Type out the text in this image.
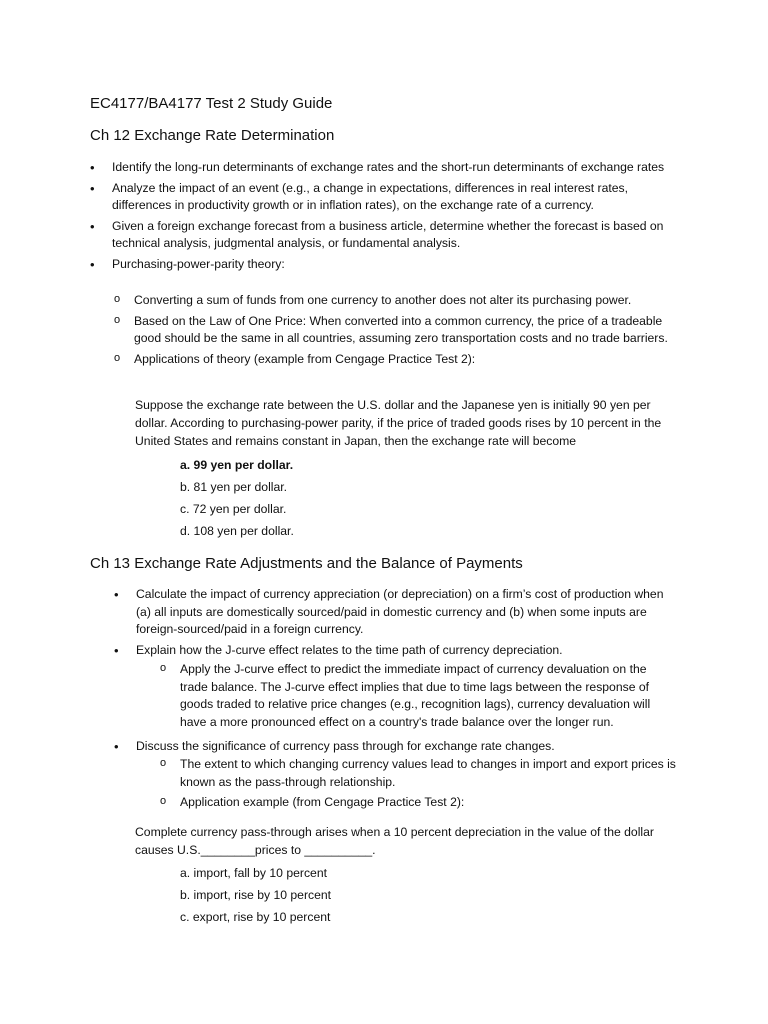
EC4177/BA4177 Test 2 Study Guide
Ch 12 Exchange Rate Determination
• Identify the long-run determinants of exchange rates and the short-run determinants of exchange rates
• Analyze the impact of an event (e.g., a change in expectations, differences in real interest rates, differences in productivity growth or in inflation rates), on the exchange rate of a currency.
• Given a foreign exchange forecast from a business article, determine whether the forecast is based on technical analysis, judgmental analysis, or fundamental analysis.
• Purchasing-power-parity theory:
o Converting a sum of funds from one currency to another does not alter its purchasing power.
o Based on the Law of One Price: When converted into a common currency, the price of a tradeable good should be the same in all countries, assuming zero transportation costs and no trade barriers.
o Applications of theory (example from Cengage Practice Test 2):
Suppose the exchange rate between the U.S. dollar and the Japanese yen is initially 90 yen per dollar. According to purchasing-power parity, if the price of traded goods rises by 10 percent in the United States and remains constant in Japan, then the exchange rate will become
a. 99 yen per dollar.
b. 81 yen per dollar.
c. 72 yen per dollar.
d. 108 yen per dollar.
Ch 13 Exchange Rate Adjustments and the Balance of Payments
• Calculate the impact of currency appreciation (or depreciation) on a firm’s cost of production when (a) all inputs are domestically sourced/paid in domestic currency and (b) when some inputs are foreign-sourced/paid in a foreign currency.
• Explain how the J-curve effect relates to the time path of currency depreciation.
o Apply the J-curve effect to predict the immediate impact of currency devaluation on the trade balance. The J-curve effect implies that due to time lags between the response of goods traded to relative price changes (e.g., recognition lags), currency devaluation will have a more pronounced effect on a country's trade balance over the longer run.
• Discuss the significance of currency pass through for exchange rate changes.
o The extent to which changing currency values lead to changes in import and export prices is known as the pass-through relationship.
o Application example (from Cengage Practice Test 2):
Complete currency pass-through arises when a 10 percent depreciation in the value of the dollar causes U.S.________prices to __________.
a. import, fall by 10 percent
b. import, rise by 10 percent
c. export, rise by 10 percent
